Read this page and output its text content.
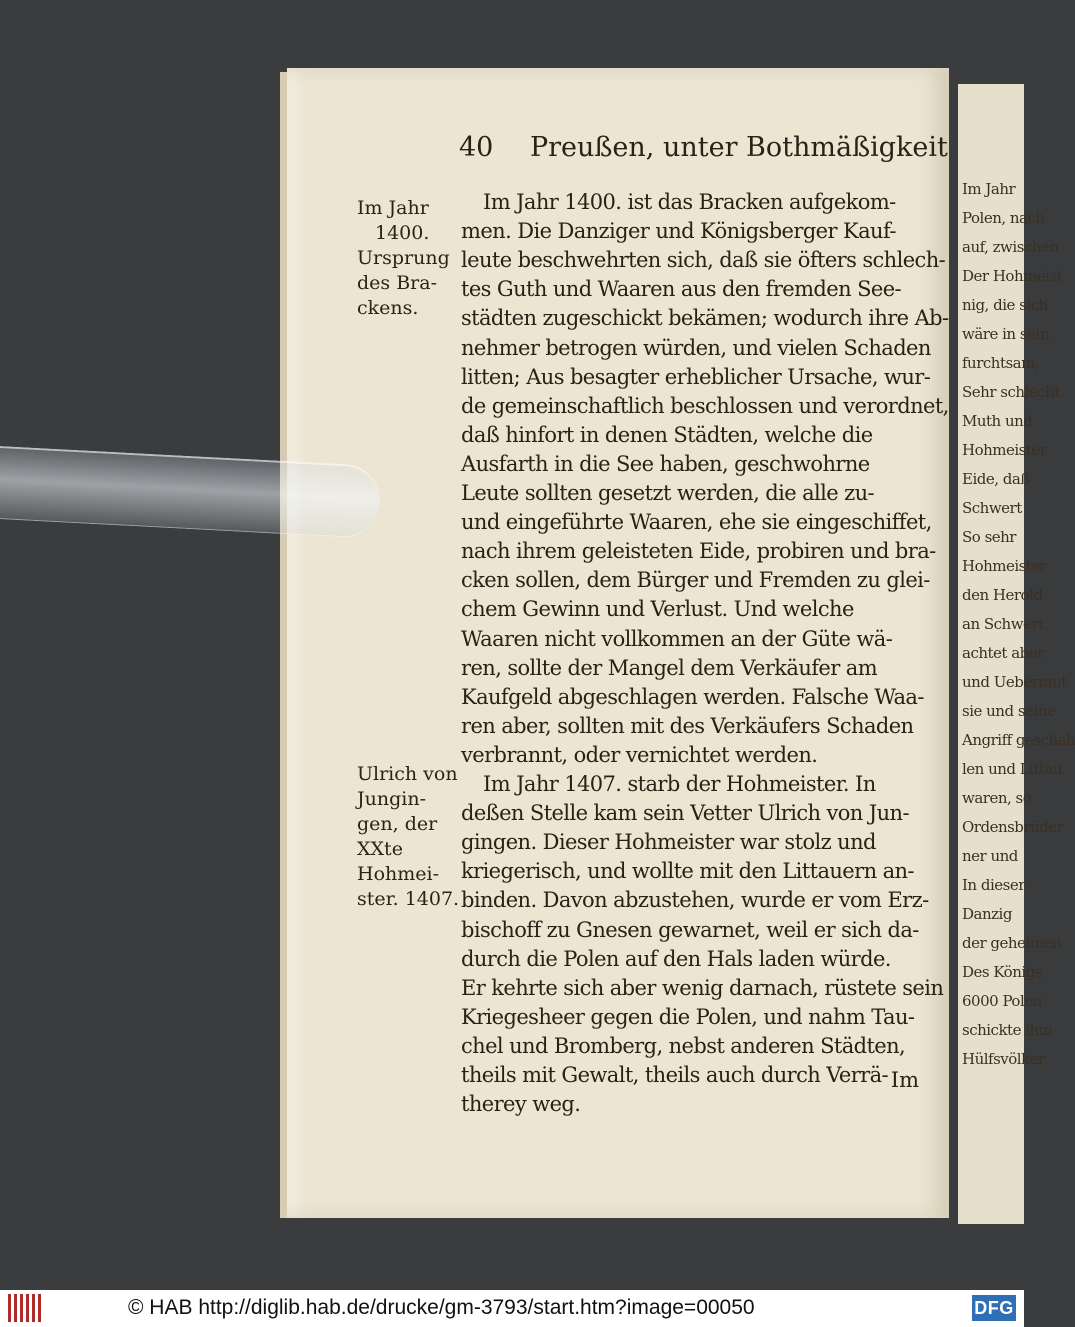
Im Jahr
Polen, nach
auf, zwischen
Der Hohmeist
nig, die sich
wäre in sein
furchtsam,
Sehr schlecht
Muth und
Hohmeister
Eide, daß
Schwert
So sehr
Hohmeister
den Herold
an Schwert
achtet aber
und Uebermut
sie und seine
Angriff geschah
len und Littau
waren, so
Ordensbrüder
ner und
In dieser
Danzig
der geheimen
Des Königs
6000 Polen
schickte ihm
Hülfsvölker
40 Preußen, unter Bothmäßigkeit
Im Jahr
1400.
Ursprung
des Bra-
ckens.
Ulrich von
Jungin-
gen, der
XXte
Hohmei-
ster. 1407.
Im Jahr 1400. ist das Bracken aufgekom-
men. Die Danziger und Königsberger Kauf-
leute beschwehrten sich, daß sie öfters schlech-
tes Guth und Waaren aus den fremden See-
städten zugeschickt bekämen; wodurch ihre Ab-
nehmer betrogen würden, und vielen Schaden
litten; Aus besagter erheblicher Ursache, wur-
de gemeinschaftlich beschlossen und verordnet,
daß hinfort in denen Städten, welche die
Ausfarth in die See haben, geschwohrne
Leute sollten gesetzt werden, die alle zu-
und eingeführte Waaren, ehe sie eingeschiffet,
nach ihrem geleisteten Eide, probiren und bra-
cken sollen, dem Bürger und Fremden zu glei-
chem Gewinn und Verlust. Und welche
Waaren nicht vollkommen an der Güte wä-
ren, sollte der Mangel dem Verkäufer am
Kaufgeld abgeschlagen werden. Falsche Waa-
ren aber, sollten mit des Verkäufers Schaden
verbrannt, oder vernichtet werden.
Im Jahr 1407. starb der Hohmeister. In
deßen Stelle kam sein Vetter Ulrich von Jun-
gingen. Dieser Hohmeister war stolz und
kriegerisch, und wollte mit den Littauern an-
binden. Davon abzustehen, wurde er vom Erz-
bischoff zu Gnesen gewarnet, weil er sich da-
durch die Polen auf den Hals laden würde.
Er kehrte sich aber wenig darnach, rüstete sein
Kriegesheer gegen die Polen, und nahm Tau-
chel und Bromberg, nebst anderen Städten,
theils mit Gewalt, theils auch durch Verrä-
therey weg.
Im
© HAB http://diglib.hab.de/drucke/gm-3793/start.htm?image=00050	DFG
